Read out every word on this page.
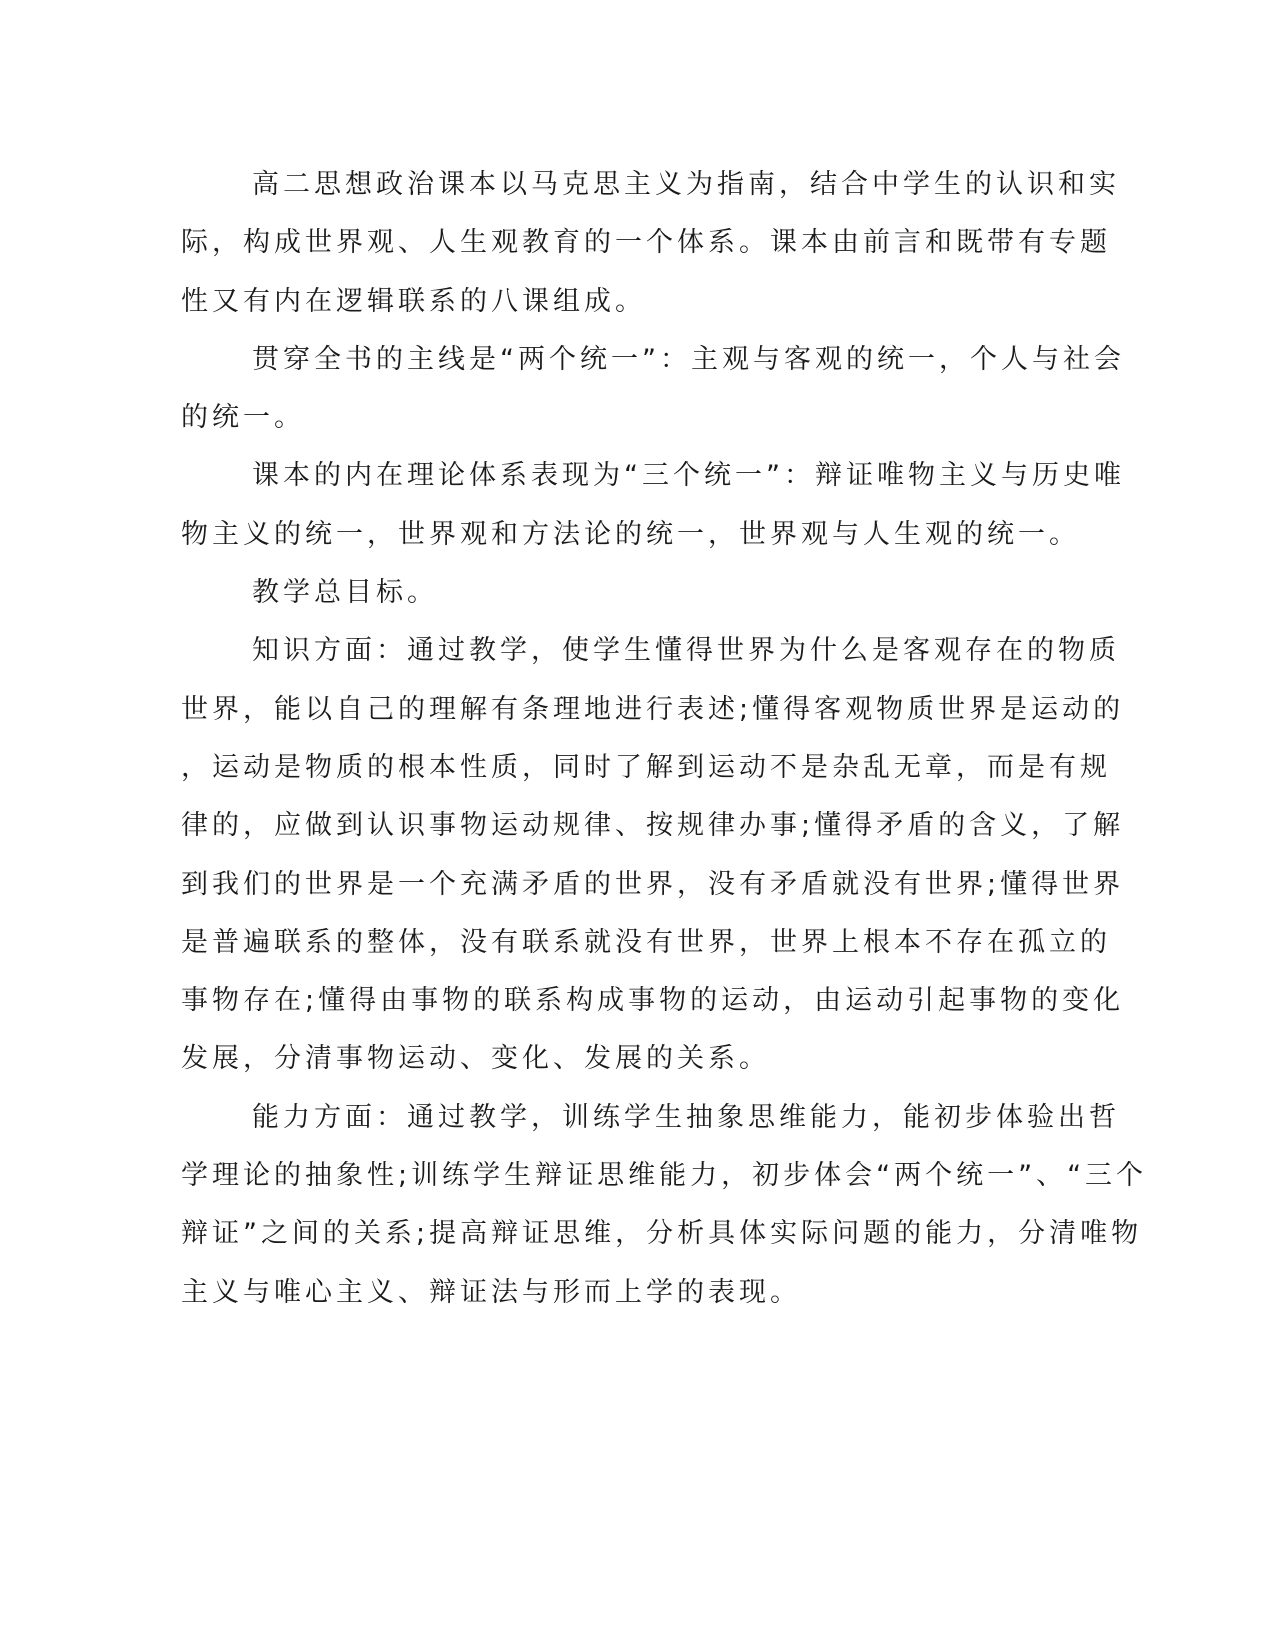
高二思想政治课本以马克思主义为指南，结合中学生的认识和实
际，构成世界观、人生观教育的一个体系。课本由前言和既带有专题
性又有内在逻辑联系的八课组成。
贯穿全书的主线是“两个统一”：主观与客观的统一，个人与社会
的统一。
课本的内在理论体系表现为“三个统一”：辩证唯物主义与历史唯
物主义的统一，世界观和方法论的统一，世界观与人生观的统一。
教学总目标。
知识方面：通过教学，使学生懂得世界为什么是客观存在的物质
世界，能以自己的理解有条理地进行表述;懂得客观物质世界是运动的
，运动是物质的根本性质，同时了解到运动不是杂乱无章，而是有规
律的，应做到认识事物运动规律、按规律办事;懂得矛盾的含义，了解
到我们的世界是一个充满矛盾的世界，没有矛盾就没有世界;懂得世界
是普遍联系的整体，没有联系就没有世界，世界上根本不存在孤立的
事物存在;懂得由事物的联系构成事物的运动，由运动引起事物的变化
发展，分清事物运动、变化、发展的关系。
能力方面：通过教学，训练学生抽象思维能力，能初步体验出哲
学理论的抽象性;训练学生辩证思维能力，初步体会“两个统一”、“三个
辩证”之间的关系;提高辩证思维，分析具体实际问题的能力，分清唯物
主义与唯心主义、辩证法与形而上学的表现。
